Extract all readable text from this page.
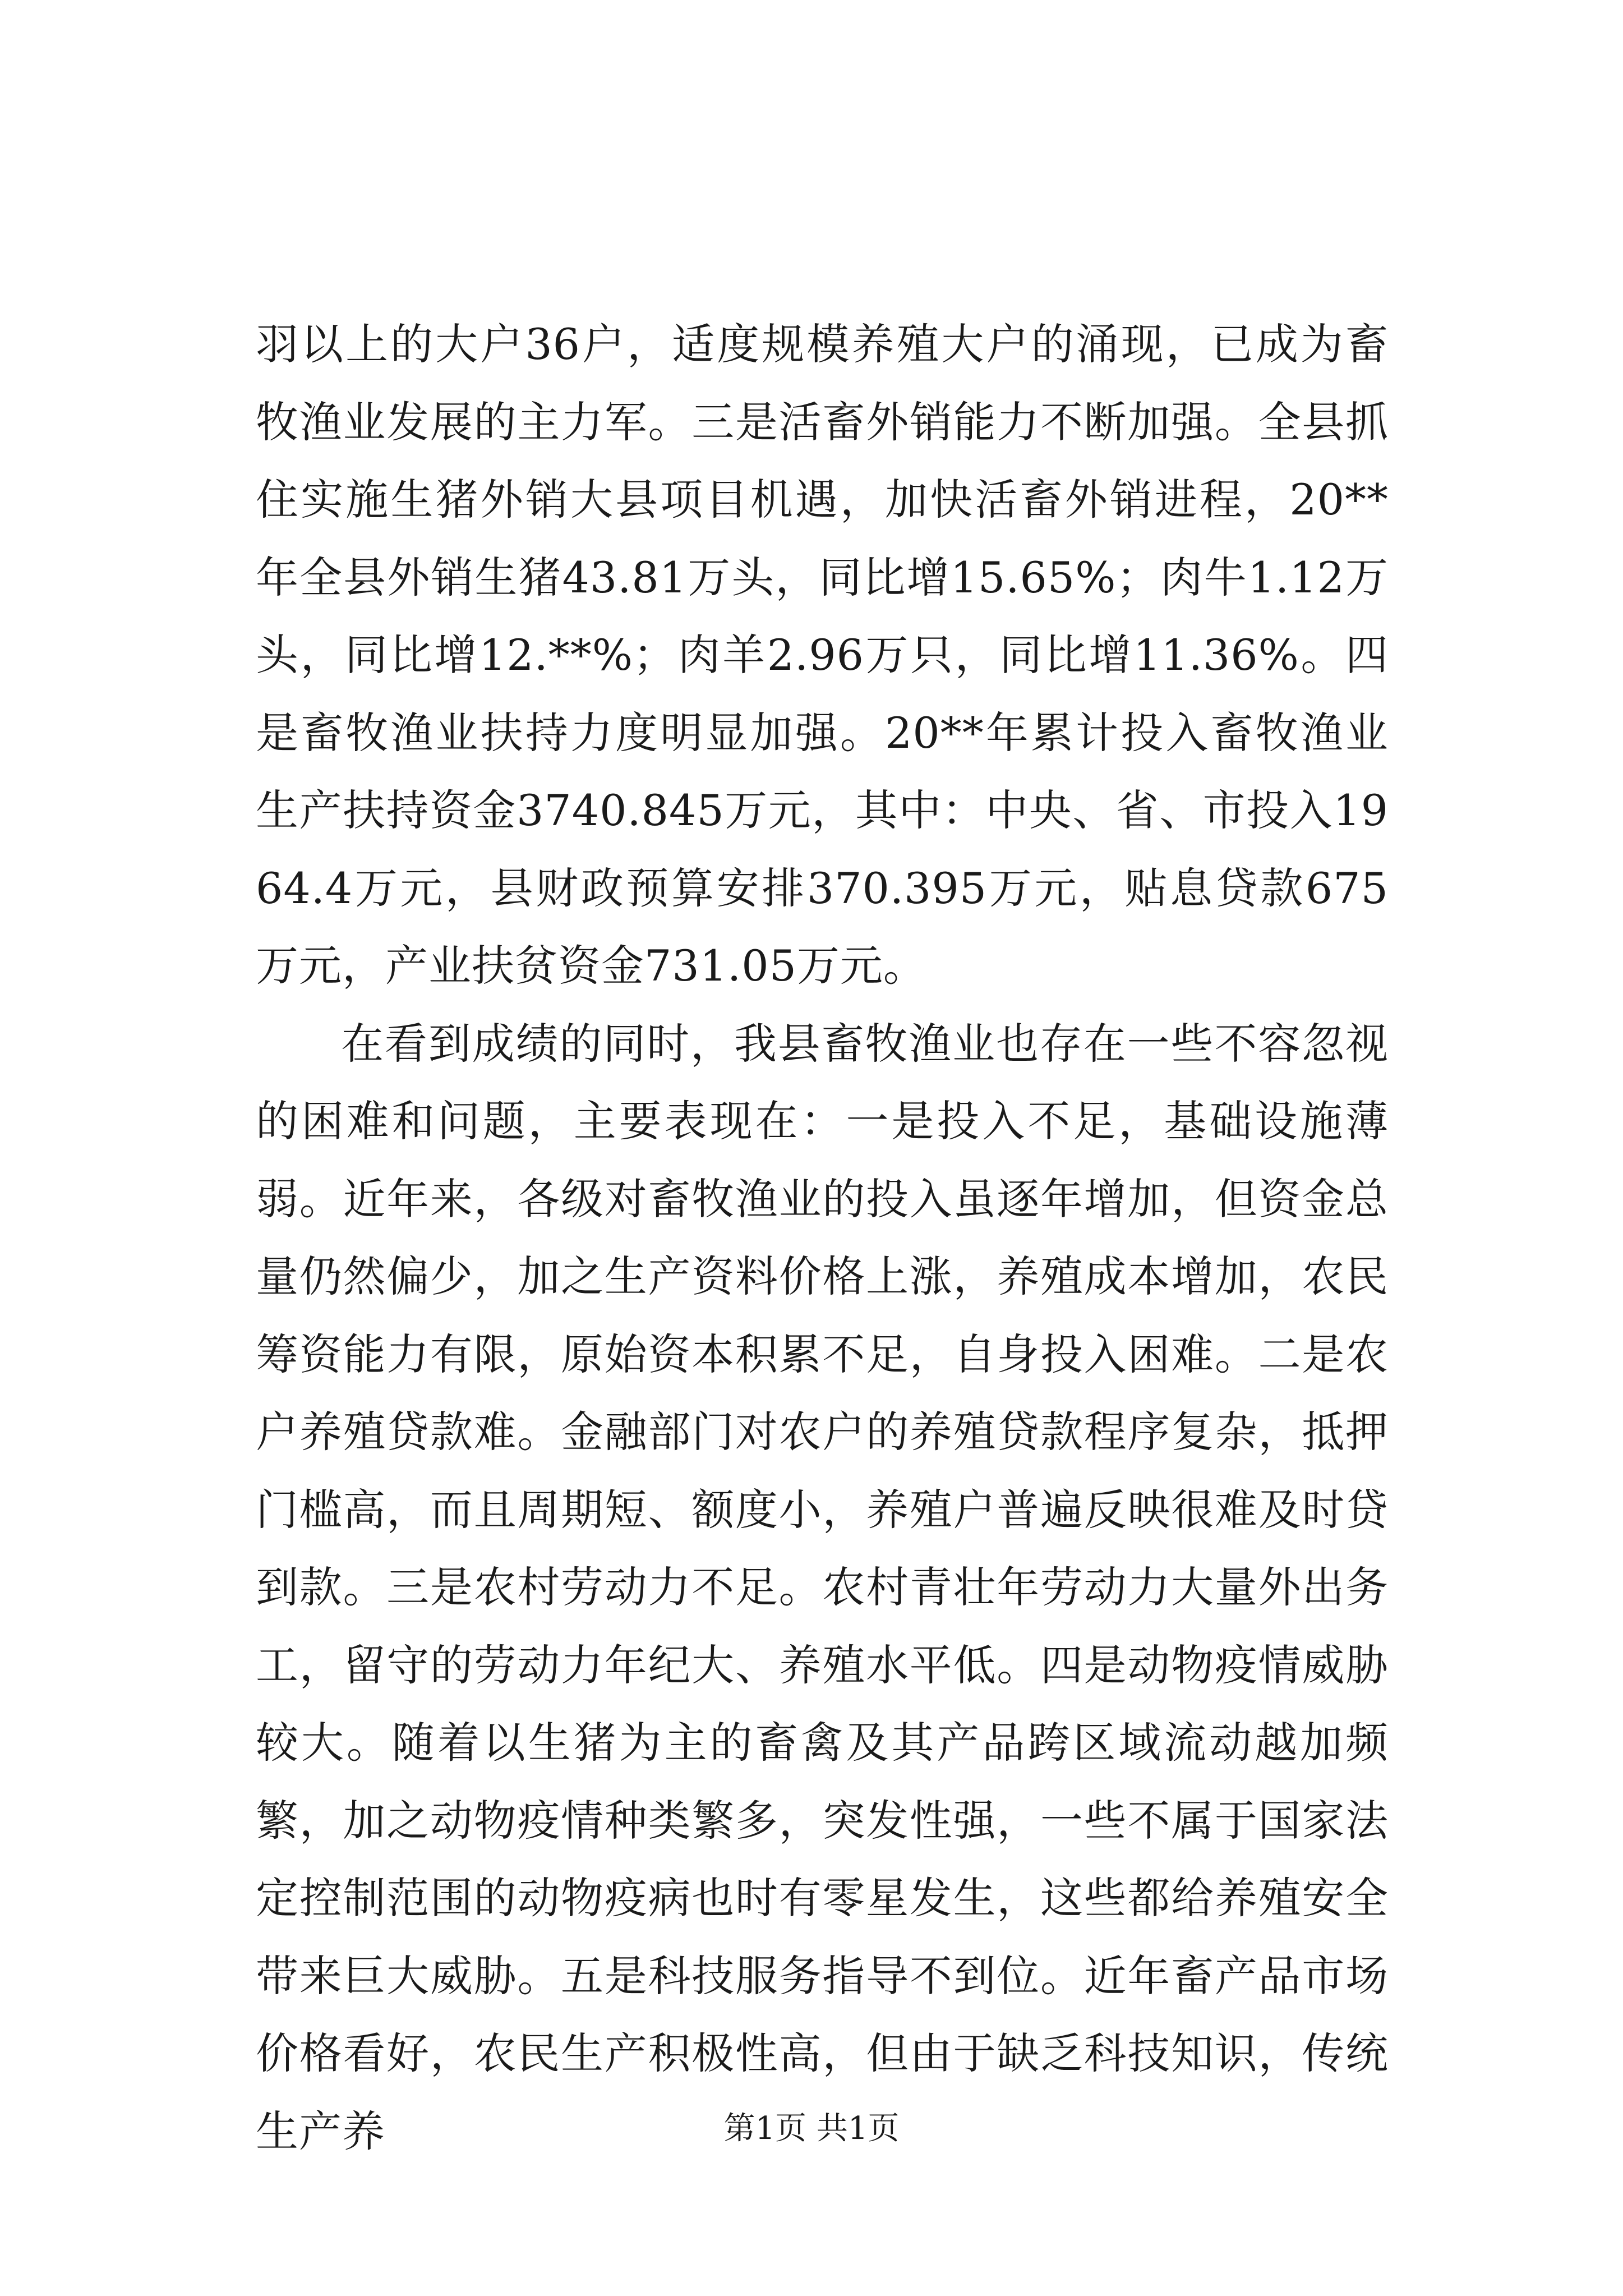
羽以上的大户36户，适度规模养殖大户的涌现，已成为畜牧渔业发展的主力军。三是活畜外销能力不断加强。全县抓住实施生猪外销大县项目机遇，加快活畜外销进程，20**年全县外销生猪43.81万头，同比增15.65%；肉牛1.12万头，同比增12.**%；肉羊2.96万只，同比增11.36%。四是畜牧渔业扶持力度明显加强。20**年累计投入畜牧渔业生产扶持资金3740.845万元，其中：中央、省、市投入1964.4万元，县财政预算安排370.395万元，贴息贷款675万元，产业扶贫资金731.05万元。

在看到成绩的同时，我县畜牧渔业也存在一些不容忽视的困难和问题，主要表现在：一是投入不足，基础设施薄弱。近年来，各级对畜牧渔业的投入虽逐年增加，但资金总量仍然偏少，加之生产资料价格上涨，养殖成本增加，农民筹资能力有限，原始资本积累不足，自身投入困难。二是农户养殖贷款难。金融部门对农户的养殖贷款程序复杂，抵押门槛高，而且周期短、额度小，养殖户普遍反映很难及时贷到款。三是农村劳动力不足。农村青壮年劳动力大量外出务工，留守的劳动力年纪大、养殖水平低。四是动物疫情威胁较大。随着以生猪为主的畜禽及其产品跨区域流动越加频繁，加之动物疫情种类繁多，突发性强，一些不属于国家法定控制范围的动物疫病也时有零星发生，这些都给养殖安全带来巨大威胁。五是科技服务指导不到位。近年畜产品市场价格看好，农民生产积极性高，但由于缺乏科技知识，传统生产养	第1页 共1页
